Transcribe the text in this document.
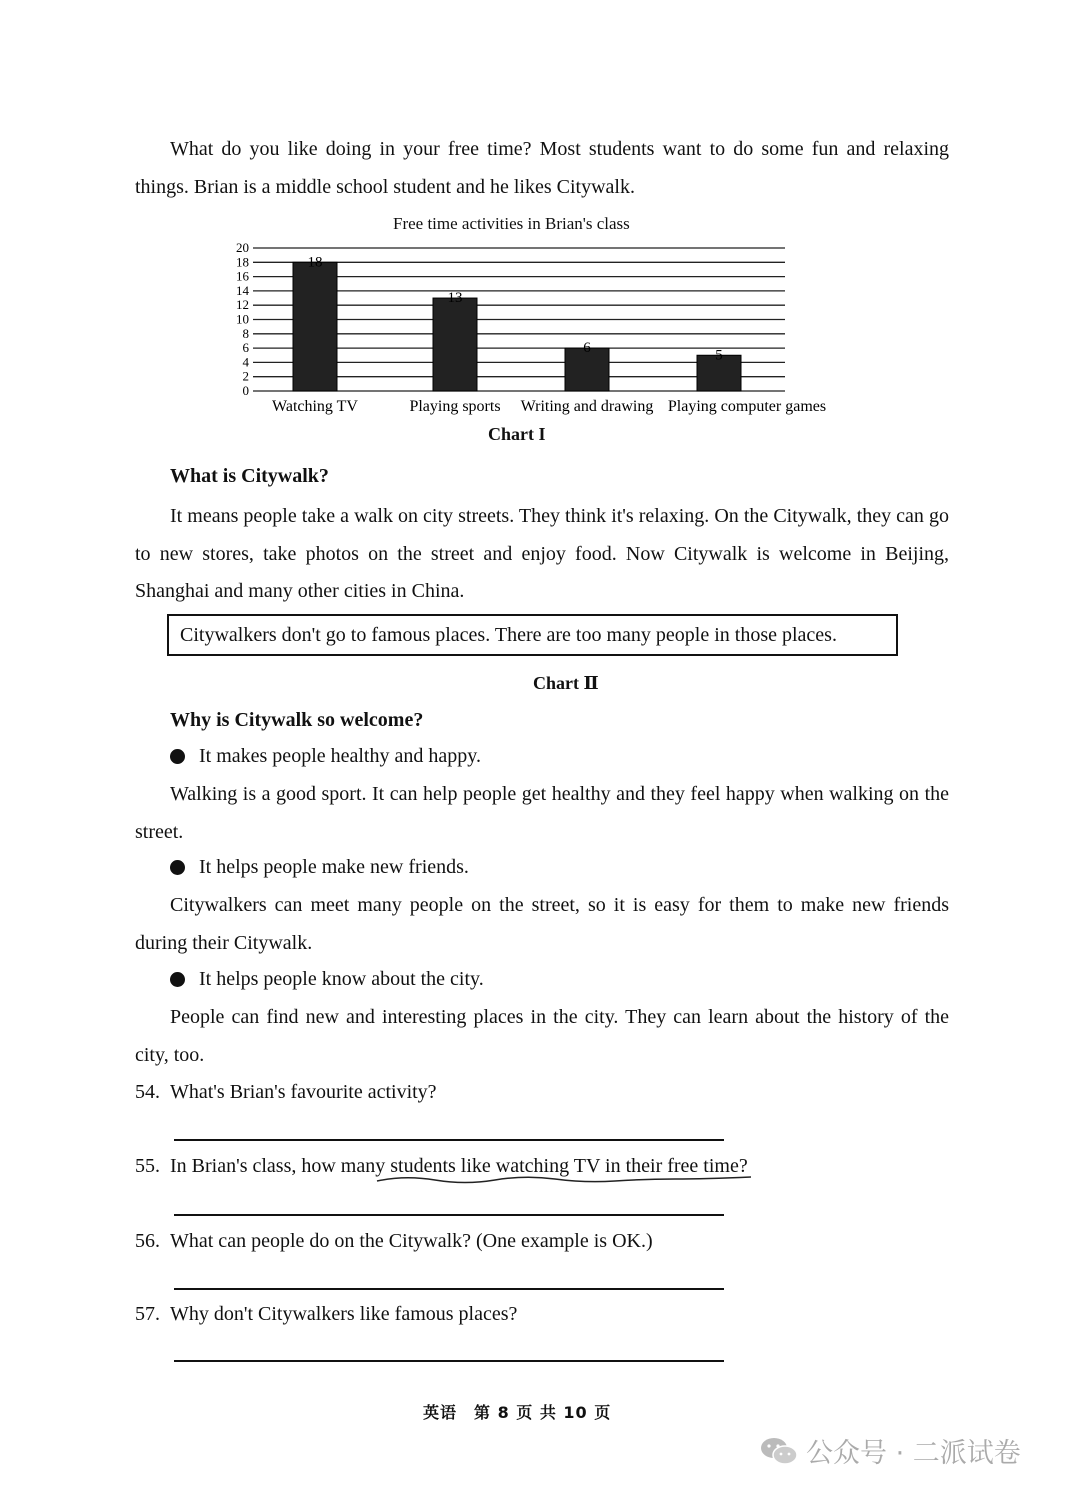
What do you like doing in your free time? Most students want to do some fun and relaxing things. Brian is a middle school student and he likes Citywalk.

Free time activities in Brian's class
0
2
4
6
8
10
12
14
16
18
20
18
Watching TV
13
Playing sports
6
Writing and drawing
5
Playing computer games
Chart I
What is Citywalk?

It means people take a walk on city streets. They think it's relaxing. On the Citywalk, they can go to new stores, take photos on the street and enjoy food. Now Citywalk is welcome in Beijing, Shanghai and many other cities in China.

Citywalkers don't go to famous places. There are too many people in those places.
Chart Ⅱ
Why is Citywalk so welcome?
It makes people healthy and happy.

Walking is a good sport. It can help people get healthy and they feel happy when walking on the street.

It helps people make new friends.

Citywalkers can meet many people on the street, so it is easy for them to make new friends during their Citywalk.

It helps people know about the city.

People can find new and interesting places in the city. They can learn about the history of the city, too.

54. What's Brian's favourite activity?

55. In Brian's class, how many students like watching TV in their free time?

56. What can people do on the Citywalk? (One example is OK.)

57. Why don't Citywalkers like famous places?

英语　第 8 页 共 10 页
公众号 · 二派试卷
